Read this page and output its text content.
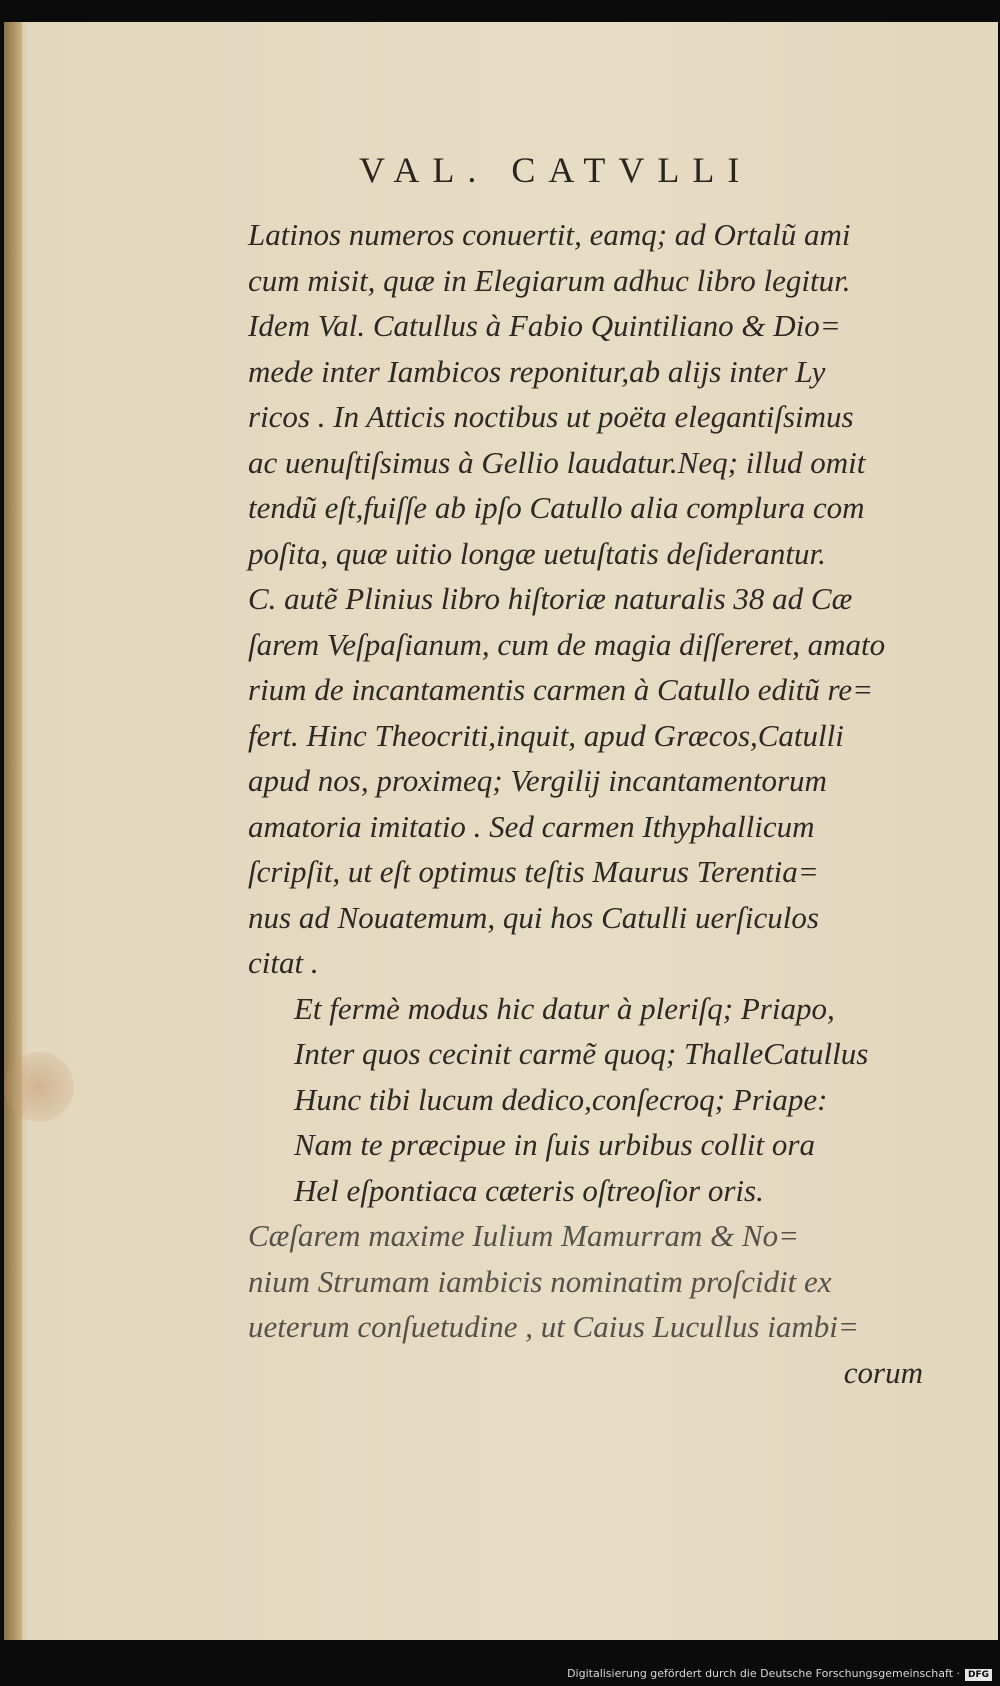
VAL. CATVLLI
Latinos numeros conuertit, eamq; ad Ortalũ ami
cum misit, quæ in Elegiarum adhuc libro legitur.
Idem Val. Catullus à Fabio Quintiliano & Dio=
mede inter Iambicos reponitur,ab alijs inter Ly
ricos . In Atticis noctibus ut poëta elegantiſsimus
ac uenuſtiſsimus à Gellio laudatur.Neq; illud omit
tendũ eſt,fuiſſe ab ipſo Catullo alia complura com
poſita, quæ uitio longæ uetuſtatis deſiderantur.
C. autẽ Plinius libro hiſtoriæ naturalis 38 ad Cæ
ſarem Veſpaſianum, cum de magia diſſereret, amato
rium de incantamentis carmen à Catullo editũ re=
fert. Hinc Theocriti,inquit, apud Græcos,Catulli
apud nos, proximeq; Vergilij incantamentorum
amatoria imitatio . Sed carmen Ithyphallicum
ſcripſit, ut eſt optimus teſtis Maurus Terentia=
nus ad Nouatemum, qui hos Catulli uerſiculos
citat .
Et fermè modus hic datur à pleriſq; Priapo,
Inter quos cecinit carmẽ quoq; ThalleCatullus
Hunc tibi lucum dedico,conſecroq; Priape:
Nam te præcipue in ſuis urbibus collit ora
Hel eſpontiaca cæteris oſtreoſior oris.
Cæſarem maxime Iulium Mamurram & No=
nium Strumam iambicis nominatim proſcidit ex
ueterum conſuetudine , ut Caius Lucullus iambi=
corum
Digitalisierung gefördert durch die Deutsche Forschungsgemeinschaft · DFG
